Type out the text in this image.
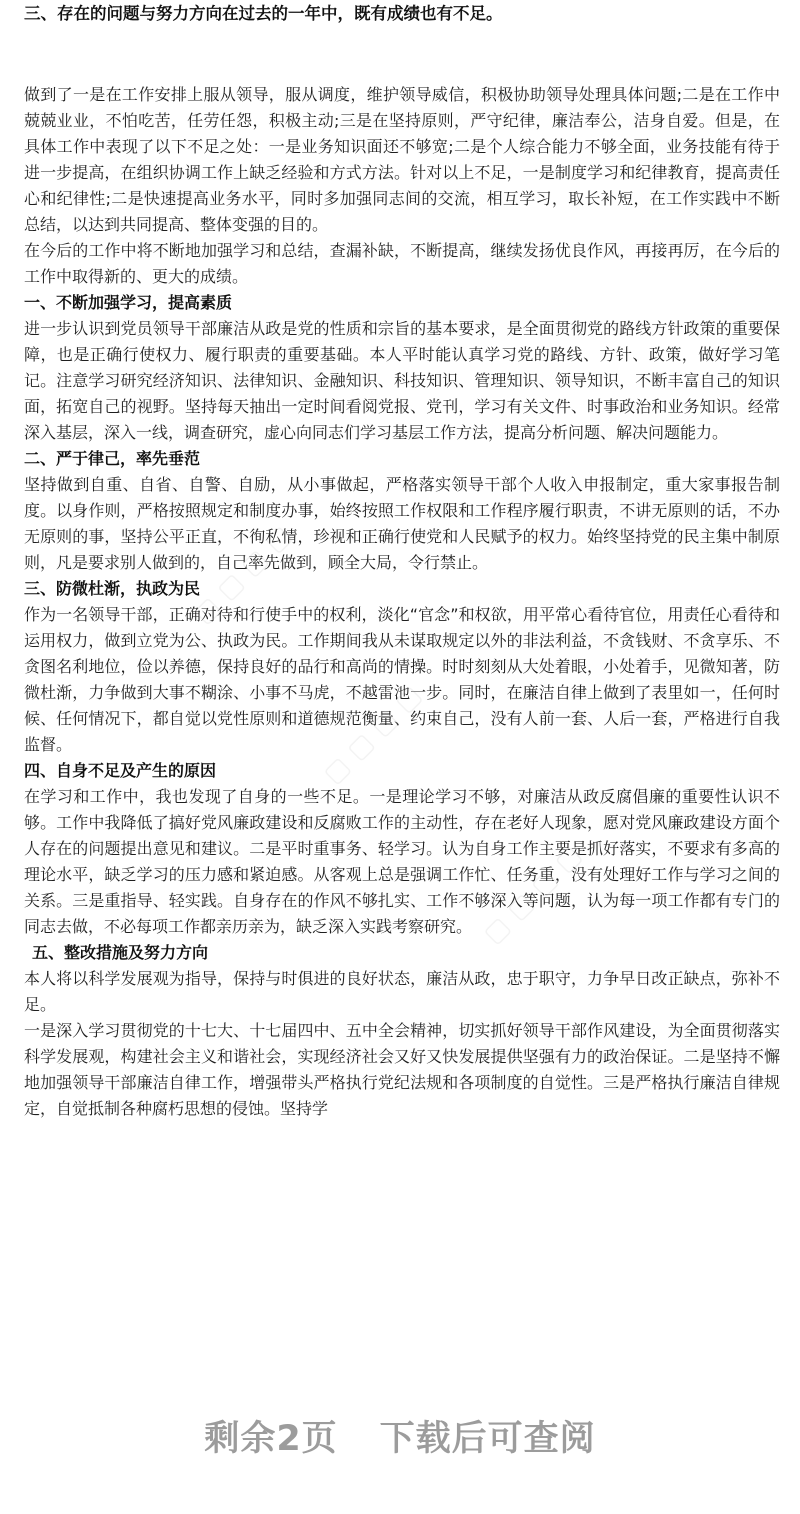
三、存在的问题与努力方向在过去的一年中，既有成绩也有不足。

做到了一是在工作安排上服从领导，服从调度，维护领导威信，积极协助领导处理具体问题;二是在工作中兢兢业业，不怕吃苦，任劳任怨，积极主动;三是在坚持原则，严守纪律，廉洁奉公，洁身自爱。但是，在具体工作中表现了以下不足之处：一是业务知识面还不够宽;二是个人综合能力不够全面，业务技能有待于进一步提高，在组织协调工作上缺乏经验和方式方法。针对以上不足，一是制度学习和纪律教育，提高责任心和纪律性;二是快速提高业务水平，同时多加强同志间的交流，相互学习，取长补短，在工作实践中不断总结，以达到共同提高、整体变强的目的。

在今后的工作中将不断地加强学习和总结，查漏补缺，不断提高，继续发扬优良作风，再接再厉，在今后的工作中取得新的、更大的成绩。

一、不断加强学习，提高素质

进一步认识到党员领导干部廉洁从政是党的性质和宗旨的基本要求，是全面贯彻党的路线方针政策的重要保障，也是正确行使权力、履行职责的重要基础。本人平时能认真学习党的路线、方针、政策，做好学习笔记。注意学习研究经济知识、法律知识、金融知识、科技知识、管理知识、领导知识，不断丰富自己的知识面，拓宽自己的视野。坚持每天抽出一定时间看阅党报、党刊，学习有关文件、时事政治和业务知识。经常深入基层，深入一线，调查研究，虚心向同志们学习基层工作方法，提高分析问题、解决问题能力。

二、严于律己，率先垂范

坚持做到自重、自省、自警、自励，从小事做起，严格落实领导干部个人收入申报制定，重大家事报告制度。以身作则，严格按照规定和制度办事，始终按照工作权限和工作程序履行职责，不讲无原则的话，不办无原则的事，坚持公平正直，不徇私情，珍视和正确行使党和人民赋予的权力。始终坚持党的民主集中制原则，凡是要求别人做到的，自己率先做到，顾全大局，令行禁止。

三、防微杜渐，执政为民

作为一名领导干部，正确对待和行使手中的权利，淡化“官念”和权欲，用平常心看待官位，用责任心看待和运用权力，做到立党为公、执政为民。工作期间我从未谋取规定以外的非法利益，不贪钱财、不贪享乐、不贪图名利地位，俭以养德，保持良好的品行和高尚的情操。时时刻刻从大处着眼，小处着手，见微知著，防微杜渐，力争做到大事不糊涂、小事不马虎，不越雷池一步。同时，在廉洁自律上做到了表里如一，任何时候、任何情况下，都自觉以党性原则和道德规范衡量、约束自己，没有人前一套、人后一套，严格进行自我监督。

四、自身不足及产生的原因

在学习和工作中，我也发现了自身的一些不足。一是理论学习不够，对廉洁从政反腐倡廉的重要性认识不够。工作中我降低了搞好党风廉政建设和反腐败工作的主动性，存在老好人现象，愿对党风廉政建设方面个人存在的问题提出意见和建议。二是平时重事务、轻学习。认为自身工作主要是抓好落实，不要求有多高的理论水平，缺乏学习的压力感和紧迫感。从客观上总是强调工作忙、任务重，没有处理好工作与学习之间的关系。三是重指导、轻实践。自身存在的作风不够扎实、工作不够深入等问题，认为每一项工作都有专门的同志去做，不必每项工作都亲历亲为，缺乏深入实践考察研究。

五、整改措施及努力方向

本人将以科学发展观为指导，保持与时俱进的良好状态，廉洁从政，忠于职守，力争早日改正缺点，弥补不足。

一是深入学习贯彻党的十七大、十七届四中、五中全会精神，切实抓好领导干部作风建设，为全面贯彻落实科学发展观，构建社会主义和谐社会，实现经济社会又好又快发展提供坚强有力的政治保证。二是坚持不懈地加强领导干部廉洁自律工作，增强带头严格执行党纪法规和各项制度的自觉性。三是严格执行廉洁自律规定，自觉抵制各种腐朽思想的侵蚀。坚持学

▢ ▢ ▢ ▢
▢ ▢ ▢ ▢
▢ ▢ ▢ ▢
剩余2页 下载后可查阅
